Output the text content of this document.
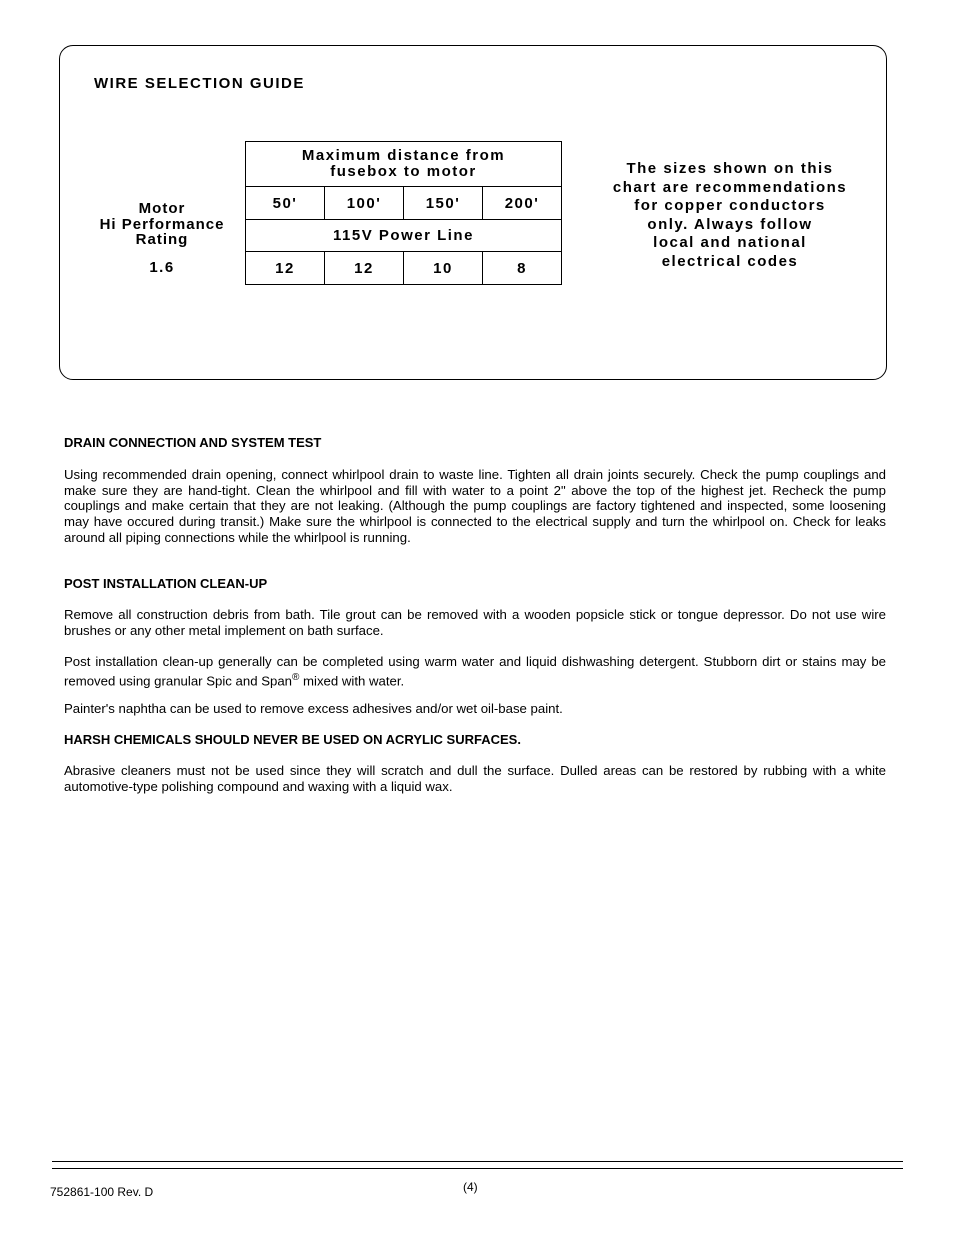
WIRE SELECTION GUIDE
Motor
Hi Performance
Rating
1.6
Maximum distance from
fusebox to motor			

50'	100'	150'	200'
115V Power Line			
12	12	10	8
The sizes shown on this
chart are recommendations
for copper conductors
only. Always follow
local and national
electrical codes
DRAIN CONNECTION AND SYSTEM TEST

Using recommended drain opening, connect whirlpool drain to waste line. Tighten all drain joints securely. Check the pump couplings and make sure they are hand-tight. Clean the whirlpool and fill with water to a point 2" above the top of the highest jet. Recheck the pump couplings and make certain that they are not leaking. (Although the pump couplings are factory tightened and inspected, some loosening may have occured during transit.) Make sure the whirlpool is connected to the electrical supply and turn the whirlpool on. Check for leaks around all piping connections while the whirlpool is running.

POST INSTALLATION CLEAN-UP

Remove all construction debris from bath. Tile grout can be removed with a wooden popsicle stick or tongue depressor. Do not use wire brushes or any other metal implement on bath surface.

Post installation clean-up generally can be completed using warm water and liquid dishwashing detergent. Stubborn dirt or stains may be removed using granular Spic and Span® mixed with water.

Painter's naphtha can be used to remove excess adhesives and/or wet oil-base paint.

HARSH CHEMICALS SHOULD NEVER BE USED ON ACRYLIC SURFACES.

Abrasive cleaners must not be used since they will scratch and dull the surface. Dulled areas can be restored by rubbing with a white automotive-type polishing compound and waxing with a liquid wax.

752861-100 Rev. D	(4)
